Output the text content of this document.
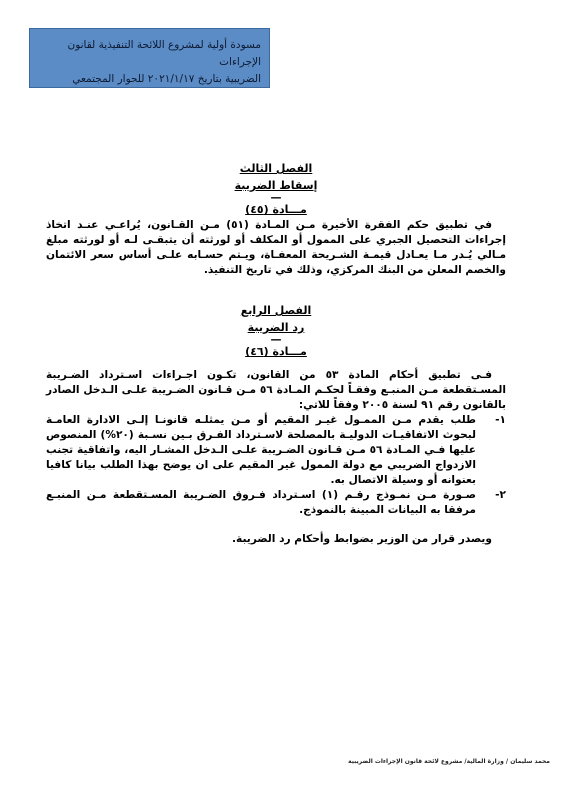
مسودة أولية لمشروع اللائحة التنفيذية لقانون الإجراءات
الضريبية بتاريخ ٢٠٢١/١/١٧ للحوار المجتمعي
الفصل الثالث
إسقاط الضريبة
—
مـــادة (٤٥)

في تطبيق حكم الفقرة الأخيرة مـن المـادة (٥١) مـن القـانون، يُراعـي عنـد اتخاذ إجراءات التحصيل الجبري على الممول أو المكلف أو لورثته أن يتبقـى لـه أو لورثته مبلغ مـالي يُـدر مـا يعـادل قيمـة الشـريحة المعفـاة، ويـتم حسـابه علـى أساس سعر الائتمان والخصم المعلن من البنك المركزي، وذلك في تاريخ التنفيذ.

الفصل الرابع
رد الضريبة
—
مـــادة (٤٦)

فـى تطبيق أحكام المادة ٥٣ من القانون، تكـون اجـراءات اسـترداد الضـريبة المسـتقطعة مـن المنبـع وفقـاً لحكـم المـادة ٥٦ مـن قـانون الضـريبة علـى الـدخل الصادر بالقانون رقم ٩١ لسنة ٢٠٠٥ وفقاً للاتي:

١-
طلب يقدم مـن الممـول غيـر المقيم أو مـن يمثلـه قانونـا إلـى الادارة العامـة لبحوث الاتفاقيـات الدوليـة بالمصلحة لاسـترداد الفـرق بـين نسـبة (٢٠%) المنصوص عليها فـي المـادة ٥٦ مـن قـانون الضـريبة علـى الـدخل المشـار اليه، واتفاقية تجنب الازدواج الضريبي مع دولة الممول غير المقيم على ان يوضح بهذا الطلب بيانا كافيا بعنوانه أو وسيلة الاتصال به.
٢-
صـورة مـن نمـوذج رقـم (١) اسـترداد فـروق الضـريبة المسـتقطعة مـن المنبـع مرفقا به البيانات المبينة بالنموذج.

ويصدر قرار من الوزير بضوابط وأحكام رد الضريبة.

محمد سليمان / وزارة المالية/ مشروع لائحة قانون الإجراءات الضريبية
